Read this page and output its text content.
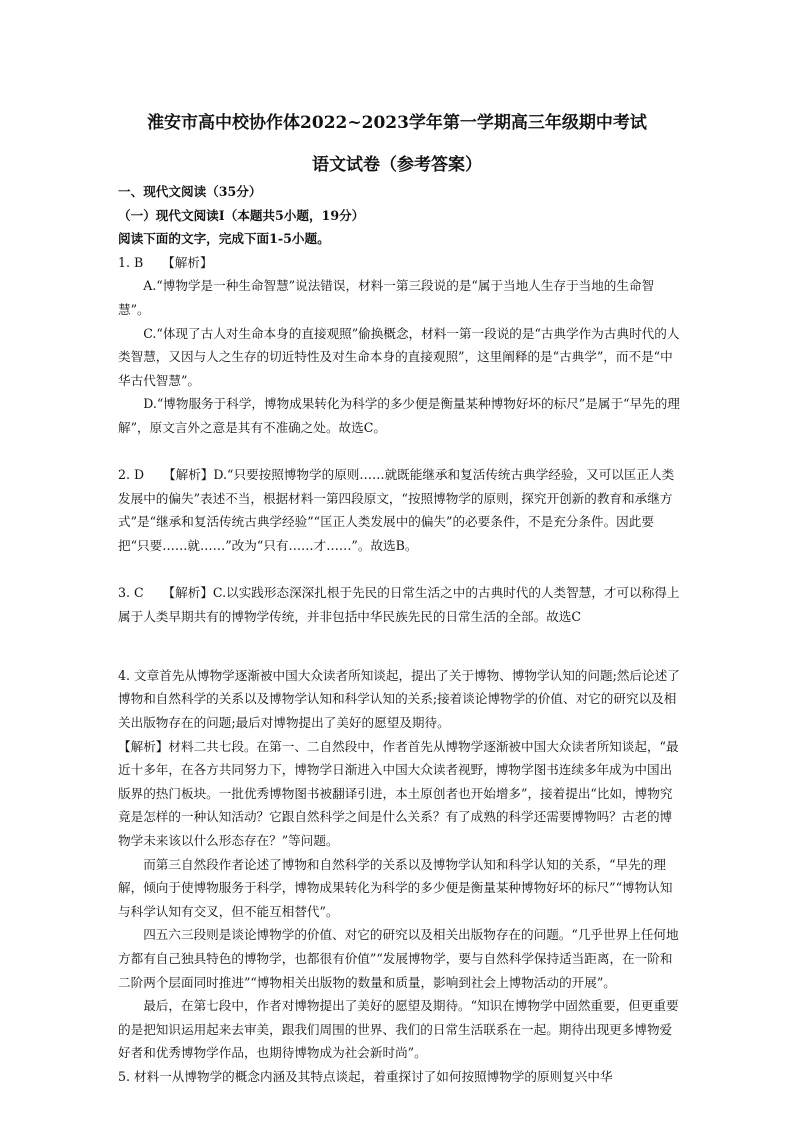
淮安市高中校协作体2022~2023学年第一学期高三年级期中考试
语文试卷（参考答案）

一、现代文阅读（35分）

（一）现代文阅读Ⅰ（本题共5小题，19分）

阅读下面的文字，完成下面1-5小题。

1. B　　【解析】

A.“博物学是一种生命智慧”说法错误，材料一第三段说的是“属于当地人生存于当地的生命智慧”。

C.“体现了古人对生命本身的直接观照”偷换概念，材料一第一段说的是“古典学作为古典时代的人类智慧，又因与人之生存的切近特性及对生命本身的直接观照”，这里阐释的是“古典学”，而不是“中华古代智慧”。

D.“博物服务于科学，博物成果转化为科学的多少便是衡量某种博物好坏的标尺”是属于“早先的理解”，原文言外之意是其有不准确之处。故选C。

2. D　　【解析】D.“只要按照博物学的原则……就既能继承和复活传统古典学经验，又可以匡正人类发展中的偏失”表述不当，根据材料一第四段原文，“按照博物学的原则，探究开创新的教育和承继方式”是“继承和复活传统古典学经验”“匡正人类发展中的偏失”的必要条件，不是充分条件。因此要把“只要……就……”改为“只有……才……”。故选B。

3. C　　【解析】C.以实践形态深深扎根于先民的日常生活之中的古典时代的人类智慧，才可以称得上属于人类早期共有的博物学传统，并非包括中华民族先民的日常生活的全部。故选C

4. 文章首先从博物学逐渐被中国大众读者所知谈起，提出了关于博物、博物学认知的问题;然后论述了博物和自然科学的关系以及博物学认知和科学认知的关系;接着谈论博物学的价值、对它的研究以及相关出版物存在的问题;最后对博物提出了美好的愿望及期待。

【解析】材料二共七段。在第一、二自然段中，作者首先从博物学逐渐被中国大众读者所知谈起，“最近十多年，在各方共同努力下，博物学日渐进入中国大众读者视野，博物学图书连续多年成为中国出版界的热门板块。一批优秀博物图书被翻译引进，本土原创者也开始增多”，接着提出“比如，博物究竟是怎样的一种认知活动？它跟自然科学之间是什么关系？有了成熟的科学还需要博物吗？古老的博物学未来该以什么形态存在？”等问题。

而第三自然段作者论述了博物和自然科学的关系以及博物学认知和科学认知的关系，“早先的理解，倾向于使博物服务于科学，博物成果转化为科学的多少便是衡量某种博物好坏的标尺”“博物认知与科学认知有交叉，但不能互相替代”。

四五六三段则是谈论博物学的价值、对它的研究以及相关出版物存在的问题。“几乎世界上任何地方都有自己独具特色的博物学，也都很有价值”“发展博物学，要与自然科学保持适当距离，在一阶和二阶两个层面同时推进”“博物相关出版物的数量和质量，影响到社会上博物活动的开展”。

最后，在第七段中，作者对博物提出了美好的愿望及期待。“知识在博物学中固然重要，但更重要的是把知识运用起来去审美，跟我们周围的世界、我们的日常生活联系在一起。期待出现更多博物爱好者和优秀博物学作品，也期待博物成为社会新时尚”。

5. 材料一从博物学的概念内涵及其特点谈起，着重探讨了如何按照博物学的原则复兴中华
